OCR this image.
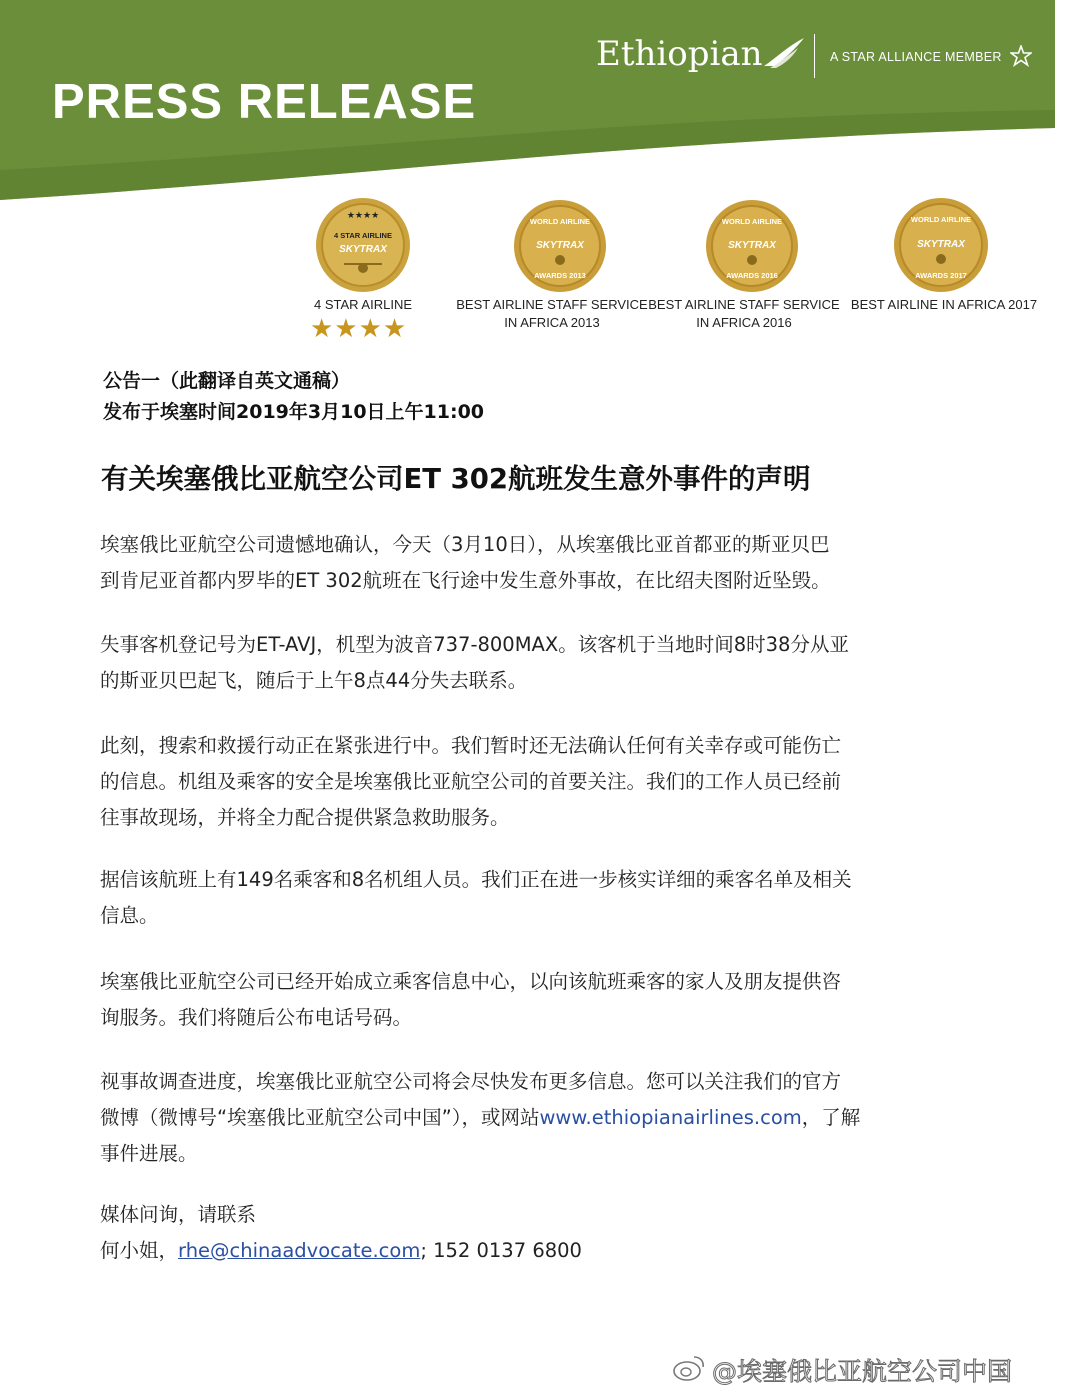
PRESS RELEASE
Ethiopian	A STAR ALLIANCE MEMBER
★★★★
4 STAR AIRLINE
SKYTRAX
WORLD AIRLINE
SKYTRAX
AWARDS 2013
WORLD AIRLINE
SKYTRAX
AWARDS 2016
WORLD AIRLINE
SKYTRAX
AWARDS 2017
4 STAR AIRLINE
★★★★
BEST AIRLINE STAFF SERVICE
IN AFRICA 2013
BEST AIRLINE STAFF SERVICE
IN AFRICA 2016
BEST AIRLINE IN AFRICA 2017
公告一（此翻译自英文通稿）
发布于埃塞时间2019年3月10日上午11:00
有关埃塞俄比亚航空公司ET 302航班发生意外事件的声明
埃塞俄比亚航空公司遗憾地确认，今天（3月10日），从埃塞俄比亚首都亚的斯亚贝巴
到肯尼亚首都内罗毕的ET 302航班在飞行途中发生意外事故，在比绍夫图附近坠毁。
失事客机登记号为ET-AVJ，机型为波音737-800MAX。该客机于当地时间8时38分从亚
的斯亚贝巴起飞，随后于上午8点44分失去联系。
此刻，搜索和救援行动正在紧张进行中。我们暂时还无法确认任何有关幸存或可能伤亡
的信息。机组及乘客的安全是埃塞俄比亚航空公司的首要关注。我们的工作人员已经前
往事故现场，并将全力配合提供紧急救助服务。
据信该航班上有149名乘客和8名机组人员。我们正在进一步核实详细的乘客名单及相关
信息。
埃塞俄比亚航空公司已经开始成立乘客信息中心，以向该航班乘客的家人及朋友提供咨
询服务。我们将随后公布电话号码。
视事故调查进度，埃塞俄比亚航空公司将会尽快发布更多信息。您可以关注我们的官方
微博（微博号“埃塞俄比亚航空公司中国”），或网站www.ethiopianairlines.com，了解
事件进展。
媒体问询，请联系
何小姐，rhe@chinaadvocate.com; 152 0137 6800
@埃塞俄比亚航空公司中国
